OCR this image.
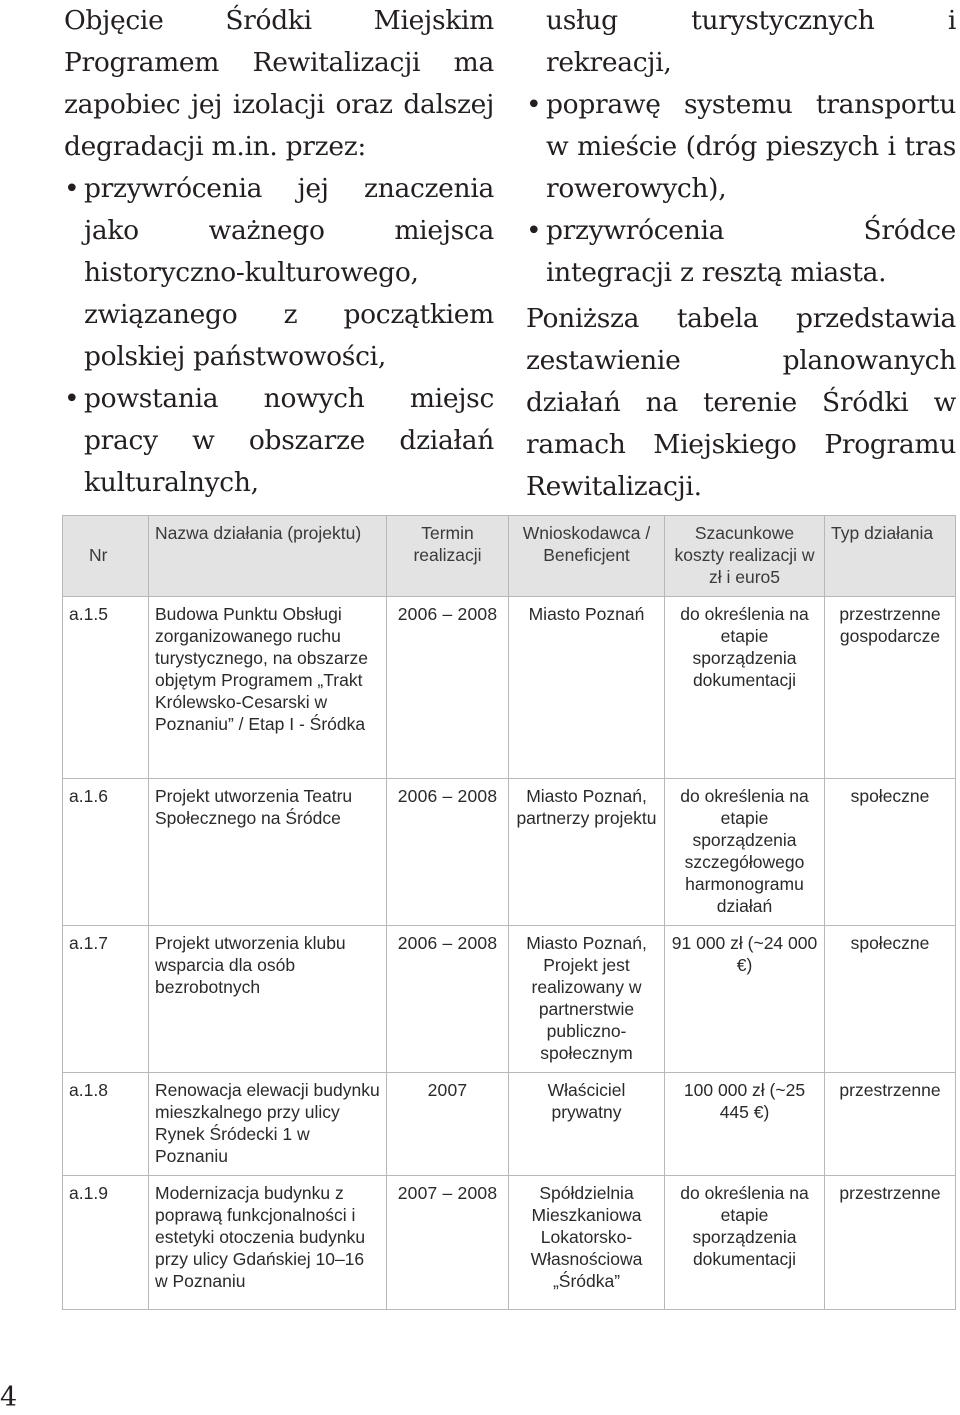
Objęcie Śródki Miejskim Programem Rewitalizacji ma zapobiec jej izolacji oraz dalszej degradacji m.in. przez:

• przywrócenia jej znaczenia jako ważnego miejsca historyczno-kulturowego, związanego z początkiem polskiej państwowości,
• powstania nowych miejsc pracy w obszarze działań kulturalnych,

usług turystycznych i rekreacji,

• poprawę systemu transportu w mieście (dróg pieszych i tras rowerowych),
• przywrócenia Śródce integracji z resztą miasta.

Poniższa tabela przedstawia zestawienie planowanych działań na terenie Śródki w ramach Miejskiego Programu Rewitalizacji.

Nr	Nazwa działania (projektu)	Termin realizacji	Wnioskodawca / Beneficjent	Szacunkowe koszty realizacji w zł i euro5	Typ działania
a.1.5	Budowa Punktu Obsługi zorganizowanego ruchu turystycznego, na obszarze objętym Programem „Trakt Królewsko-Cesarski w Poznaniu” / Etap I - Śródka	2006 – 2008	Miasto Poznań	do określenia na etapie sporządzenia dokumentacji	przestrzenne gospodarcze
a.1.6	Projekt utworzenia Teatru Społecznego na Śródce	2006 – 2008	Miasto Poznań, partnerzy projektu	do określenia na etapie sporządzenia szczegółowego harmonogramu działań	społeczne
a.1.7	Projekt utworzenia klubu wsparcia dla osób bezrobotnych	2006 – 2008	Miasto Poznań, Projekt jest realizowany w partnerstwie publiczno-społecznym	91 000 zł (~24 000 €)	społeczne
a.1.8	Renowacja elewacji budynku mieszkalnego przy ulicy Rynek Śródecki 1 w Poznaniu	2007	Właściciel prywatny	100 000 zł (~25 445 €)	przestrzenne
a.1.9	Modernizacja budynku z poprawą funkcjonalności i estetyki otoczenia budynku przy ulicy Gdańskiej 10–16 w Poznaniu	2007 – 2008	Spółdzielnia Mieszkaniowa Lokatorsko-Własnościowa „Śródka”	do określenia na etapie sporządzenia dokumentacji	przestrzenne
4
